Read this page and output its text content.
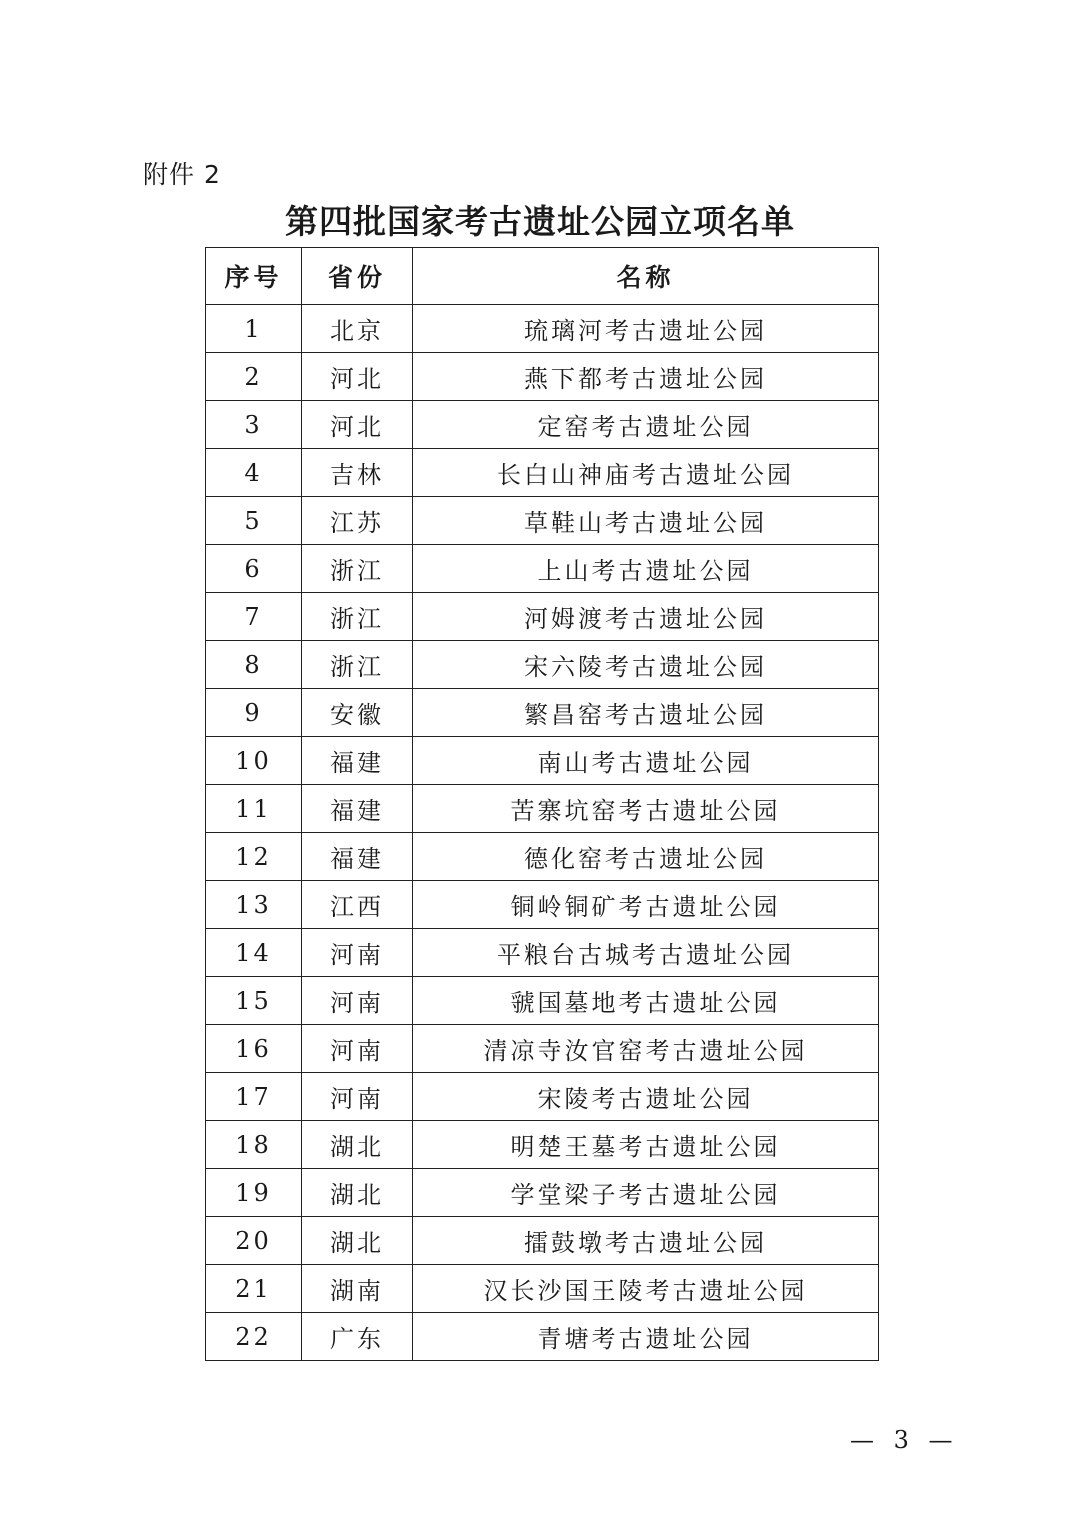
附件 2
第四批国家考古遗址公园立项名单
序号	省份	名称
1	北京	琉璃河考古遗址公园
2	河北	燕下都考古遗址公园
3	河北	定窑考古遗址公园
4	吉林	长白山神庙考古遗址公园
5	江苏	草鞋山考古遗址公园
6	浙江	上山考古遗址公园
7	浙江	河姆渡考古遗址公园
8	浙江	宋六陵考古遗址公园
9	安徽	繁昌窑考古遗址公园
10	福建	南山考古遗址公园
11	福建	苦寨坑窑考古遗址公园
12	福建	德化窑考古遗址公园
13	江西	铜岭铜矿考古遗址公园
14	河南	平粮台古城考古遗址公园
15	河南	虢国墓地考古遗址公园
16	河南	清凉寺汝官窑考古遗址公园
17	河南	宋陵考古遗址公园
18	湖北	明楚王墓考古遗址公园
19	湖北	学堂梁子考古遗址公园
20	湖北	擂鼓墩考古遗址公园
21	湖南	汉长沙国王陵考古遗址公园
22	广东	青塘考古遗址公园
— 3 —
